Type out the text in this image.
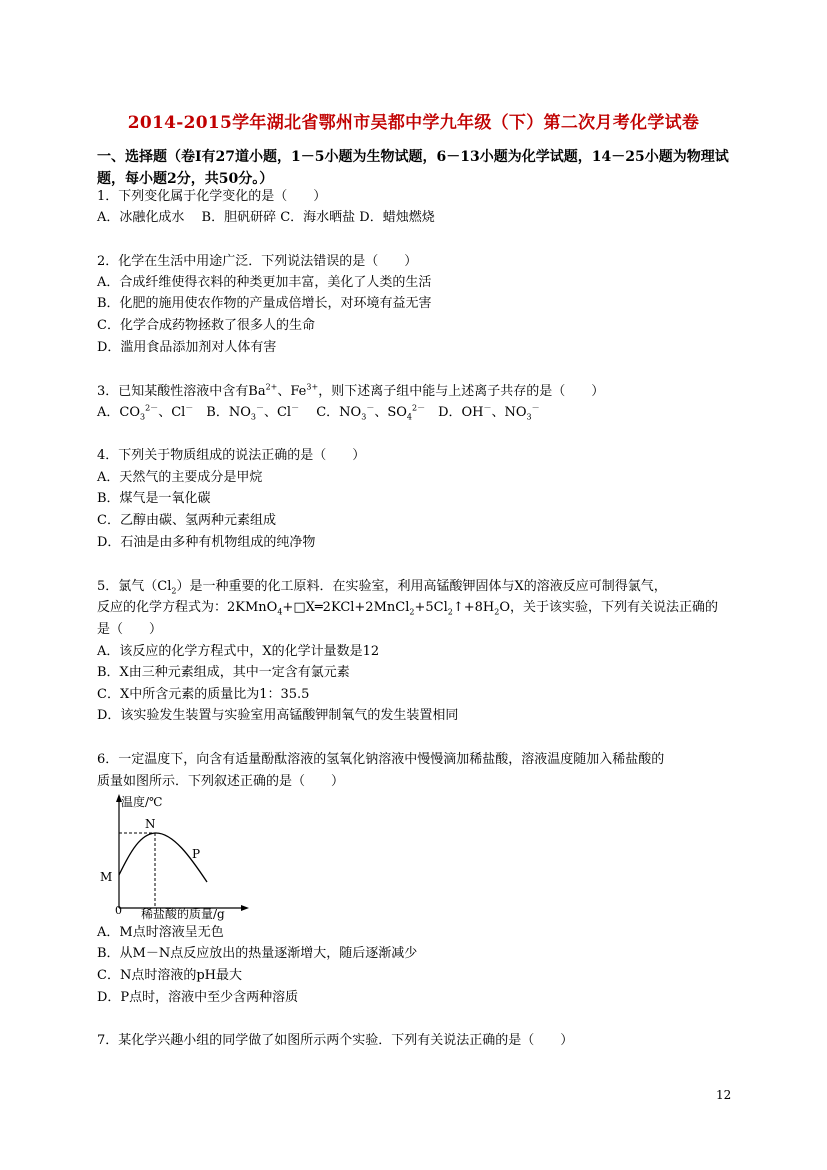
2014-2015学年湖北省鄂州市吴都中学九年级（下）第二次月考化学试卷
一、选择题（卷Ⅰ有27道小题，1－5小题为生物试题，6－13小题为化学试题，14－25小题为物理试题，每小题2分，共50分。）
1．下列变化属于化学变化的是（　　）
A．冰融化成水　 B．胆矾研碎 C．海水晒盐 D．蜡烛燃烧
2．化学在生活中用途广泛．下列说法错误的是（　　）
A．合成纤维使得衣料的种类更加丰富，美化了人类的生活
B．化肥的施用使农作物的产量成倍增长，对环境有益无害
C．化学合成药物拯救了很多人的生命
D．滥用食品添加剂对人体有害
3．已知某酸性溶液中含有$Ba^{2+}$、$Fe^{3+}$，则下述离子组中能与上述离子共存的是（　　）
A．$CO_3^{2-}$、Cl－　B．$NO_3^-$、Cl－　 C．$NO_3^-$、$SO_4^{2-}$　D．OH－、$NO_3^-$
4．下列关于物质组成的说法正确的是（　　）
A．天然气的主要成分是甲烷
B．煤气是一氧化碳
C．乙醇由碳、氢两种元素组成
D．石油是由多种有机物组成的纯净物
5．氯气$(Cl_2)$是一种重要的化工原料．在实验室，利用高锰酸钾固体与X的溶液反应可制得氯气，
反应的化学方程式为：$2KMnO_4+□X═2KCl+2MnCl_2+5Cl_2↑+8H_2O$，关于该实验，下列有关说法正确的
是（　　）
A．该反应的化学方程式中，X的化学计量数是12
B．X由三种元素组成，其中一定含有氯元素
C．X中所含元素的质量比为1：35.5
D．该实验发生装置与实验室用高锰酸钾制氧气的发生装置相同
6．一定温度下，向含有适量酚酞溶液的氢氧化钠溶液中慢慢滴加稀盐酸，溶液温度随加入稀盐酸的
质量如图所示．下列叙述正确的是（　　）
温度/℃
N
P
M
0 稀盐酸的质量/g
A．M点时溶液呈无色
B．从M－N点反应放出的热量逐渐增大，随后逐渐减少
C．N点时溶液的pH最大
D．P点时，溶液中至少含两种溶质
7．某化学兴趣小组的同学做了如图所示两个实验．下列有关说法正确的是（　　）
12
